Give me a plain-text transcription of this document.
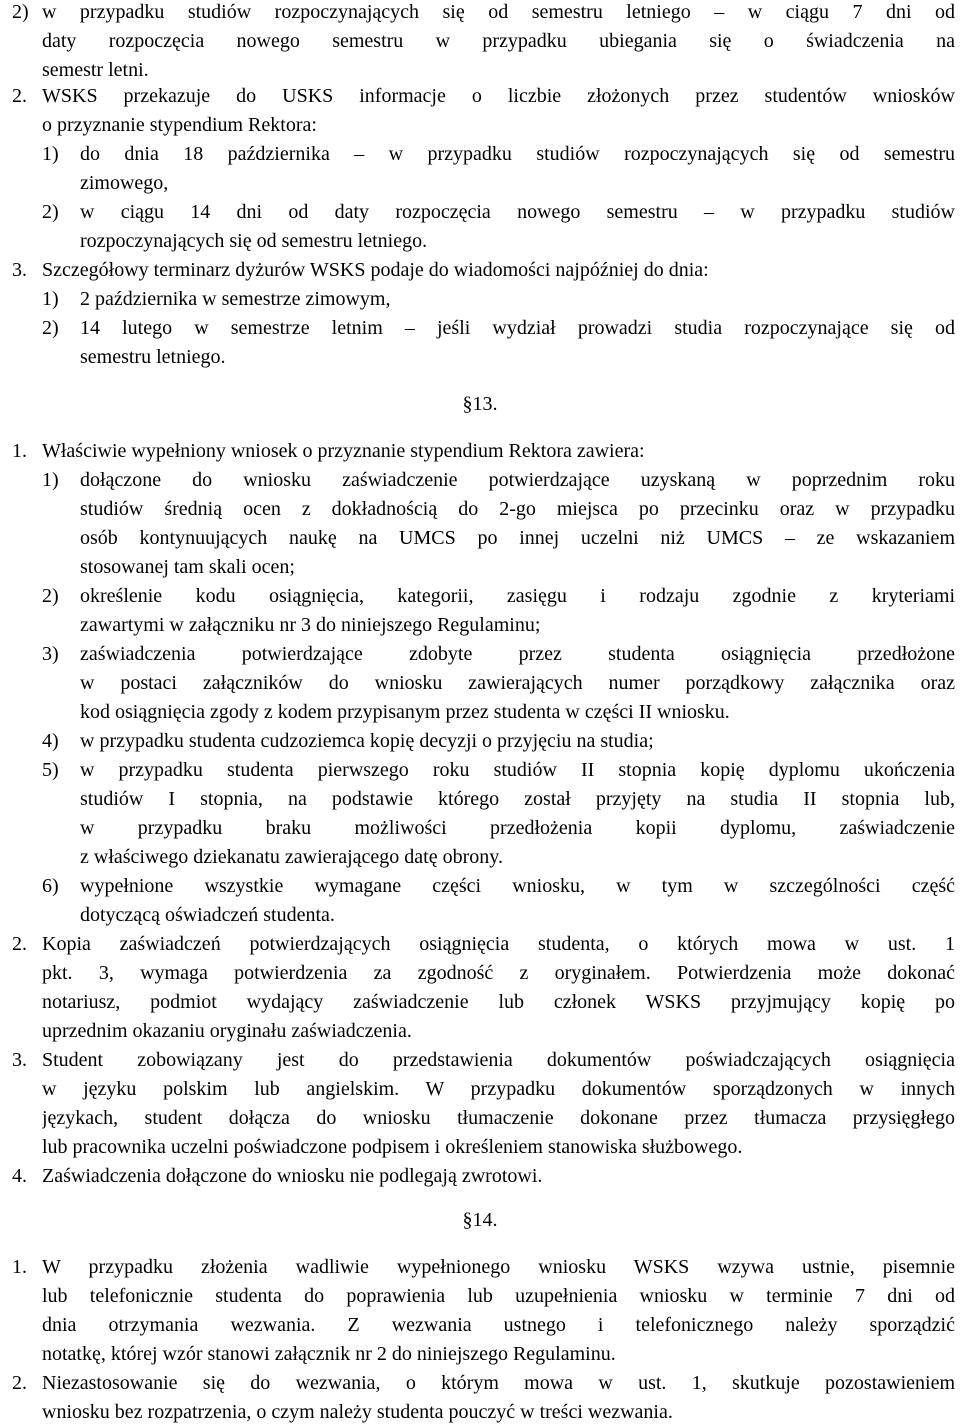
2) w przypadku studiów rozpoczynających się od semestru letniego – w ciągu 7 dni od
daty rozpoczęcia nowego semestru w przypadku ubiegania się o świadczenia na
semestr letni.
2. WSKS przekazuje do USKS informacje o liczbie złożonych przez studentów wniosków
o przyznanie stypendium Rektora:
1) do dnia 18 października – w przypadku studiów rozpoczynających się od semestru
zimowego,
2) w ciągu 14 dni od daty rozpoczęcia nowego semestru – w przypadku studiów
rozpoczynających się od semestru letniego.
3. Szczegółowy terminarz dyżurów WSKS podaje do wiadomości najpóźniej do dnia:
1) 2 października w semestrze zimowym,
2) 14 lutego w semestrze letnim – jeśli wydział prowadzi studia rozpoczynające się od
semestru letniego.
§13.
1. Właściwie wypełniony wniosek o przyznanie stypendium Rektora zawiera:
1) dołączone do wniosku zaświadczenie potwierdzające uzyskaną w poprzednim roku
studiów średnią ocen z dokładnością do 2-go miejsca po przecinku oraz w przypadku
osób kontynuujących naukę na UMCS po innej uczelni niż UMCS – ze wskazaniem
stosowanej tam skali ocen;
2) określenie kodu osiągnięcia, kategorii, zasięgu i rodzaju zgodnie z kryteriami
zawartymi w załączniku nr 3 do niniejszego Regulaminu;
3) zaświadczenia potwierdzające zdobyte przez studenta osiągnięcia przedłożone
w postaci załączników do wniosku zawierających numer porządkowy załącznika oraz
kod osiągnięcia zgody z kodem przypisanym przez studenta w części II wniosku.
4) w przypadku studenta cudzoziemca kopię decyzji o przyjęciu na studia;
5) w przypadku studenta pierwszego roku studiów II stopnia kopię dyplomu ukończenia
studiów I stopnia, na podstawie którego został przyjęty na studia II stopnia lub,
w przypadku braku możliwości przedłożenia kopii dyplomu, zaświadczenie
z właściwego dziekanatu zawierającego datę obrony.
6) wypełnione wszystkie wymagane części wniosku, w tym w szczególności część
dotyczącą oświadczeń studenta.
2. Kopia zaświadczeń potwierdzających osiągnięcia studenta, o których mowa w ust. 1
pkt. 3, wymaga potwierdzenia za zgodność z oryginałem. Potwierdzenia może dokonać
notariusz, podmiot wydający zaświadczenie lub członek WSKS przyjmujący kopię po
uprzednim okazaniu oryginału zaświadczenia.
3. Student zobowiązany jest do przedstawienia dokumentów poświadczających osiągnięcia
w języku polskim lub angielskim. W przypadku dokumentów sporządzonych w innych
językach, student dołącza do wniosku tłumaczenie dokonane przez tłumacza przysięgłego
lub pracownika uczelni poświadczone podpisem i określeniem stanowiska służbowego.
4. Zaświadczenia dołączone do wniosku nie podlegają zwrotowi.
§14.
1. W przypadku złożenia wadliwie wypełnionego wniosku WSKS wzywa ustnie, pisemnie
lub telefonicznie studenta do poprawienia lub uzupełnienia wniosku w terminie 7 dni od
dnia otrzymania wezwania. Z wezwania ustnego i telefonicznego należy sporządzić
notatkę, której wzór stanowi załącznik nr 2 do niniejszego Regulaminu.
2. Niezastosowanie się do wezwania, o którym mowa w ust. 1, skutkuje pozostawieniem
wniosku bez rozpatrzenia, o czym należy studenta pouczyć w treści wezwania.
